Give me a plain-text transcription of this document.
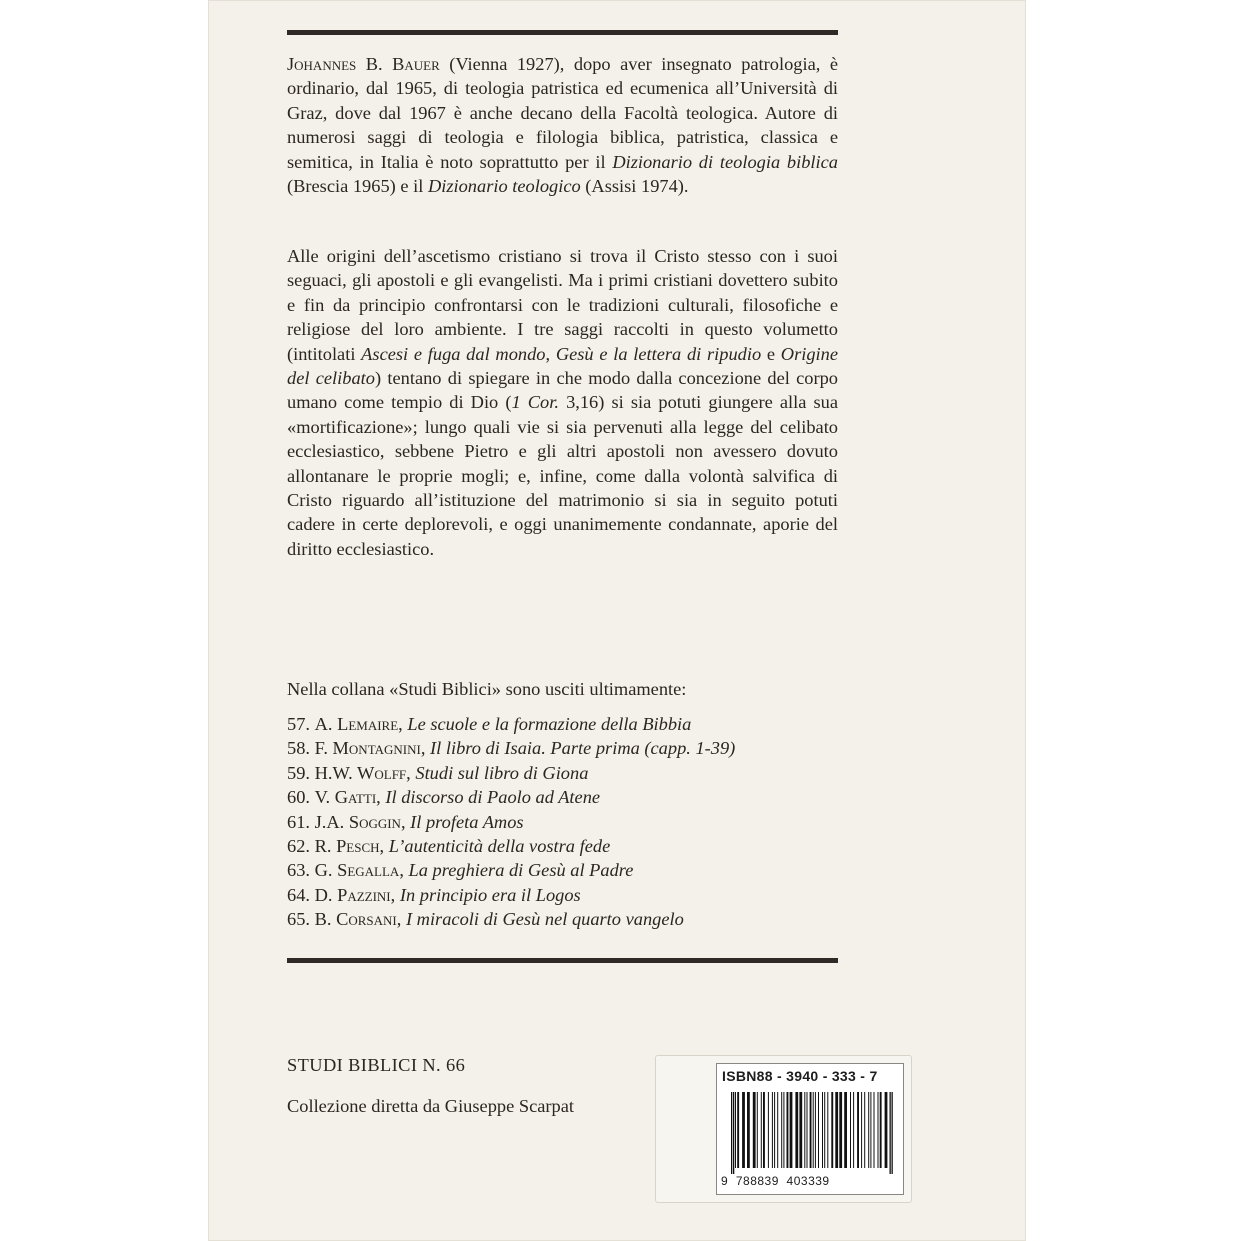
Johannes B. Bauer (Vienna 1927), dopo aver insegnato patrologia, è ordinario, dal 1965, di teologia patristica ed ecumenica all’Università di Graz, dove dal 1967 è anche decano della Facoltà teologica. Autore di numerosi saggi di teologia e filologia biblica, patristica, classica e semitica, in Italia è noto soprattutto per il Dizionario di teologia biblica (Brescia 1965) e il Dizionario teologico (Assisi 1974).

Alle origini dell’ascetismo cristiano si trova il Cristo stesso con i suoi seguaci, gli apostoli e gli evangelisti. Ma i primi cristiani dovettero subito e fin da principio confrontarsi con le tradizioni culturali, filosofiche e religiose del loro ambiente. I tre saggi raccolti in questo volumetto (intitolati Ascesi e fuga dal mondo, Gesù e la lettera di ripudio e Origine del celibato) tentano di spiegare in che modo dalla concezione del corpo umano come tempio di Dio (1 Cor. 3,16) si sia potuti giungere alla sua «mortificazione»; lungo quali vie si sia pervenuti alla legge del celibato ecclesiastico, sebbene Pietro e gli altri apostoli non avessero dovuto allontanare le proprie mogli; e, infine, come dalla volontà salvifica di Cristo riguardo all’istituzione del matrimonio si sia in seguito potuti cadere in certe deplorevoli, e oggi unanimemente condannate, aporie del diritto ecclesiastico.

Nella collana «Studi Biblici» sono usciti ultimamente:
57. A. Lemaire, Le scuole e la formazione della Bibbia
58. F. Montagnini, Il libro di Isaia. Parte prima (capp. 1-39)
59. H.W. Wolff, Studi sul libro di Giona
60. V. Gatti, Il discorso di Paolo ad Atene
61. J.A. Soggin, Il profeta Amos
62. R. Pesch, L’autenticità della vostra fede
63. G. Segalla, La preghiera di Gesù al Padre
64. D. Pazzini, In principio era il Logos
65. B. Corsani, I miracoli di Gesù nel quarto vangelo
STUDI BIBLICI N. 66
Collezione diretta da Giuseppe Scarpat
ISBN88 - 3940 - 333 - 7
9  788839  403339
